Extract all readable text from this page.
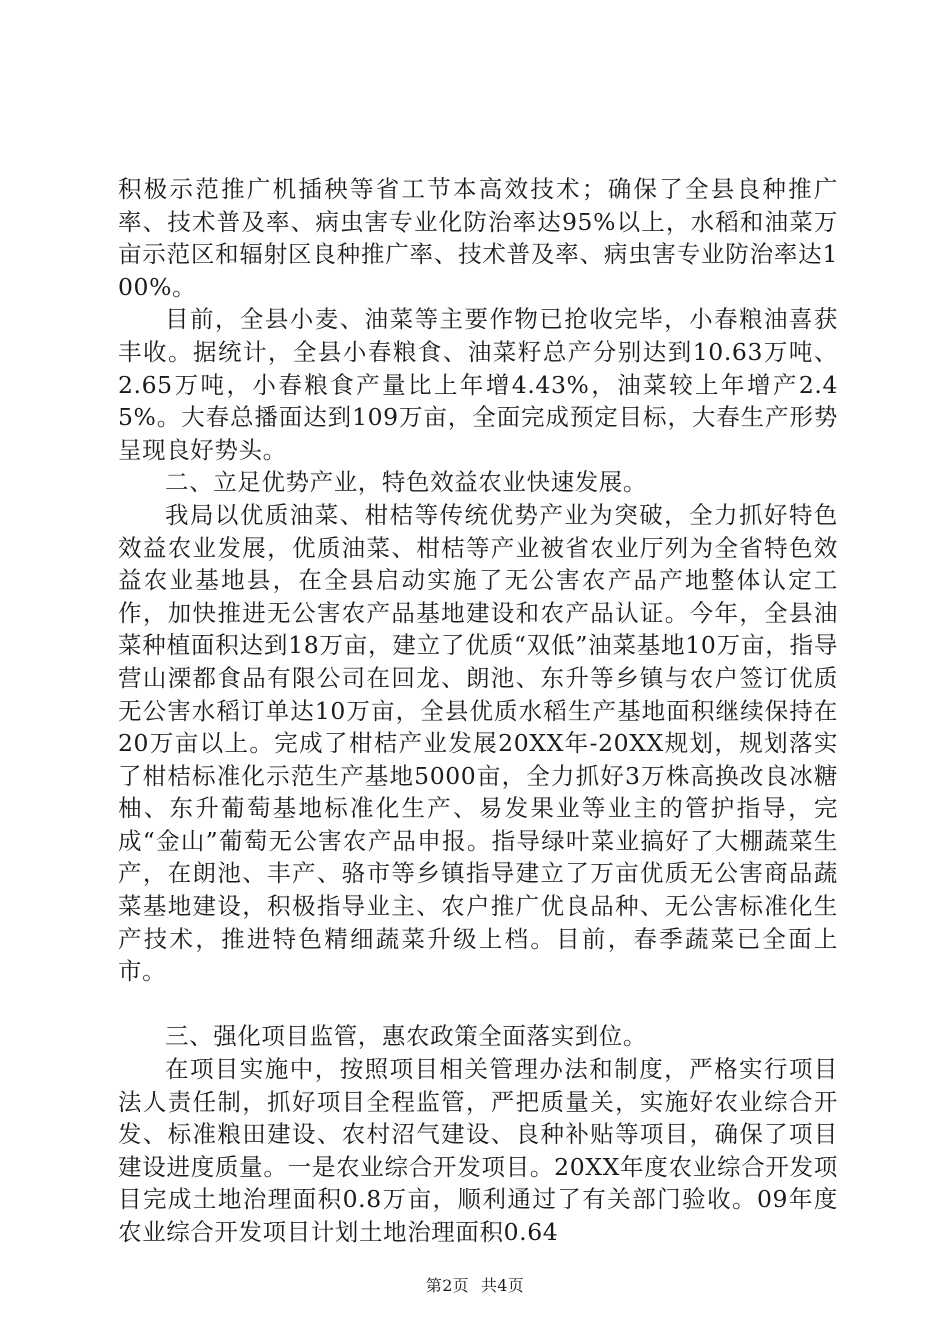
积极示范推广机插秧等省工节本高效技术；确保了全县良种推广率、技术普及率、病虫害专业化防治率达95%以上，水稻和油菜万亩示范区和辐射区良种推广率、技术普及率、病虫害专业防治率达100%。

目前，全县小麦、油菜等主要作物已抢收完毕，小春粮油喜获丰收。据统计，全县小春粮食、油菜籽总产分别达到10.63万吨、2.65万吨，小春粮食产量比上年增4.43%，油菜较上年增产2.45%。大春总播面达到109万亩，全面完成预定目标，大春生产形势呈现良好势头。

二、立足优势产业，特色效益农业快速发展。

我局以优质油菜、柑桔等传统优势产业为突破，全力抓好特色效益农业发展，优质油菜、柑桔等产业被省农业厅列为全省特色效益农业基地县，在全县启动实施了无公害农产品产地整体认定工作，加快推进无公害农产品基地建设和农产品认证。今年，全县油菜种植面积达到18万亩，建立了优质“双低”油菜基地10万亩，指导营山溧都食品有限公司在回龙、朗池、东升等乡镇与农户签订优质无公害水稻订单达10万亩，全县优质水稻生产基地面积继续保持在20万亩以上。完成了柑桔产业发展20XX年-20XX规划，规划落实了柑桔标准化示范生产基地5000亩，全力抓好3万株高换改良冰糖柚、东升葡萄基地标准化生产、易发果业等业主的管护指导，完成“金山”葡萄无公害农产品申报。指导绿叶菜业搞好了大棚蔬菜生产，在朗池、丰产、骆市等乡镇指导建立了万亩优质无公害商品蔬菜基地建设，积极指导业主、农户推广优良品种、无公害标准化生产技术，推进特色精细蔬菜升级上档。目前，春季蔬菜已全面上市。

三、强化项目监管，惠农政策全面落实到位。

在项目实施中，按照项目相关管理办法和制度，严格实行项目法人责任制，抓好项目全程监管，严把质量关，实施好农业综合开发、标准粮田建设、农村沼气建设、良种补贴等项目，确保了项目建设进度质量。一是农业综合开发项目。20XX年度农业综合开发项目完成土地治理面积0.8万亩，顺利通过了有关部门验收。09年度农业综合开发项目计划土地治理面积0.64

第2页 共4页
